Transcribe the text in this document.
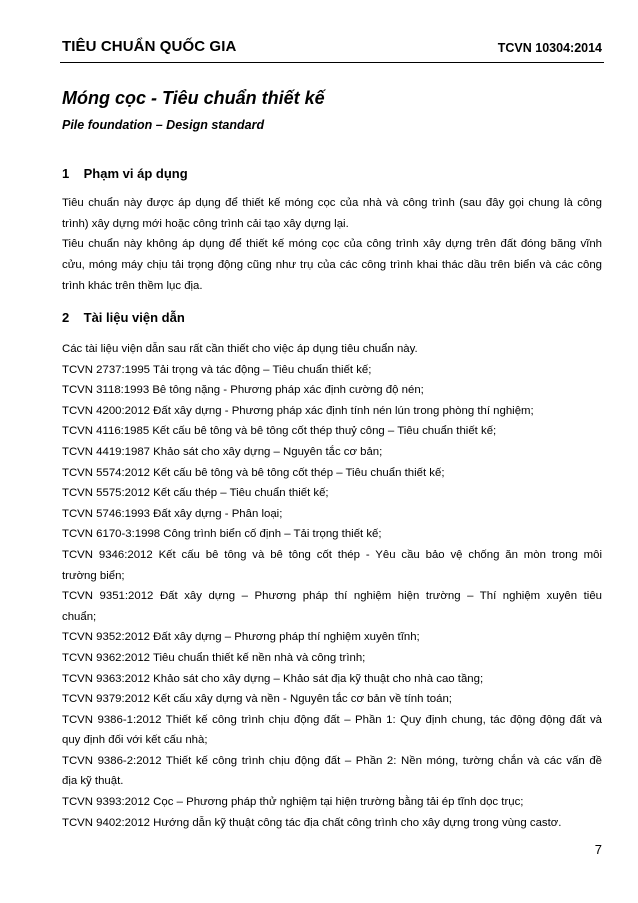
TIÊU CHUẨN QUỐC GIA	TCVN 10304:2014
Móng cọc - Tiêu chuẩn thiết kế
Pile foundation – Design standard
1 Phạm vi áp dụng
Tiêu chuẩn này được áp dụng để thiết kế móng cọc của nhà và công trình (sau đây gọi chung là công
trình) xây dựng mới hoặc công trình cải tạo xây dựng lại.
Tiêu chuẩn này không áp dụng để thiết kế móng cọc của công trình xây dựng trên đất đóng băng vĩnh
cửu, móng máy chịu tải trọng động cũng như trụ của các công trình khai thác dầu trên biển và các công
trình khác trên thềm lục địa.
2 Tài liệu viện dẫn
Các tài liệu viện dẫn sau rất cần thiết cho việc áp dụng tiêu chuẩn này.
TCVN 2737:1995 Tải trọng và tác động – Tiêu chuẩn thiết kế;
TCVN 3118:1993 Bê tông nặng - Phương pháp xác định cường độ nén;
TCVN 4200:2012 Đất xây dựng - Phương pháp xác định tính nén lún trong phòng thí nghiệm;
TCVN 4116:1985 Kết cấu bê tông và bê tông cốt thép thuỷ công – Tiêu chuẩn thiết kế;
TCVN 4419:1987 Khảo sát cho xây dựng – Nguyên tắc cơ bản;
TCVN 5574:2012 Kết cấu bê tông và bê tông cốt thép – Tiêu chuẩn thiết kế;
TCVN 5575:2012 Kết cấu thép – Tiêu chuẩn thiết kế;
TCVN 5746:1993 Đất xây dựng - Phân loại;
TCVN 6170-3:1998 Công trình biển cố định – Tải trọng thiết kế;
TCVN 9346:2012 Kết cấu bê tông và bê tông cốt thép - Yêu cầu bảo vệ chống ăn mòn trong môi
trường biển;
TCVN 9351:2012 Đất xây dựng – Phương pháp thí nghiệm hiện trường – Thí nghiệm xuyên tiêu
chuẩn;
TCVN 9352:2012 Đất xây dựng – Phương pháp thí nghiệm xuyên tĩnh;
TCVN 9362:2012 Tiêu chuẩn thiết kế nền nhà và công trình;
TCVN 9363:2012 Khảo sát cho xây dựng – Khảo sát địa kỹ thuật cho nhà cao tầng;
TCVN 9379:2012 Kết cấu xây dựng và nền - Nguyên tắc cơ bản về tính toán;
TCVN 9386-1:2012 Thiết kế công trình chịu động đất – Phần 1: Quy định chung, tác động động đất và
quy định đối với kết cấu nhà;
TCVN 9386-2:2012 Thiết kế công trình chịu động đất – Phần 2: Nền móng, tường chắn và các vấn đề
địa kỹ thuật.
TCVN 9393:2012 Cọc – Phương pháp thử nghiệm tại hiện trường bằng tải ép tĩnh dọc trục;
TCVN 9402:2012 Hướng dẫn kỹ thuật công tác địa chất công trình cho xây dựng trong vùng castơ.
7
